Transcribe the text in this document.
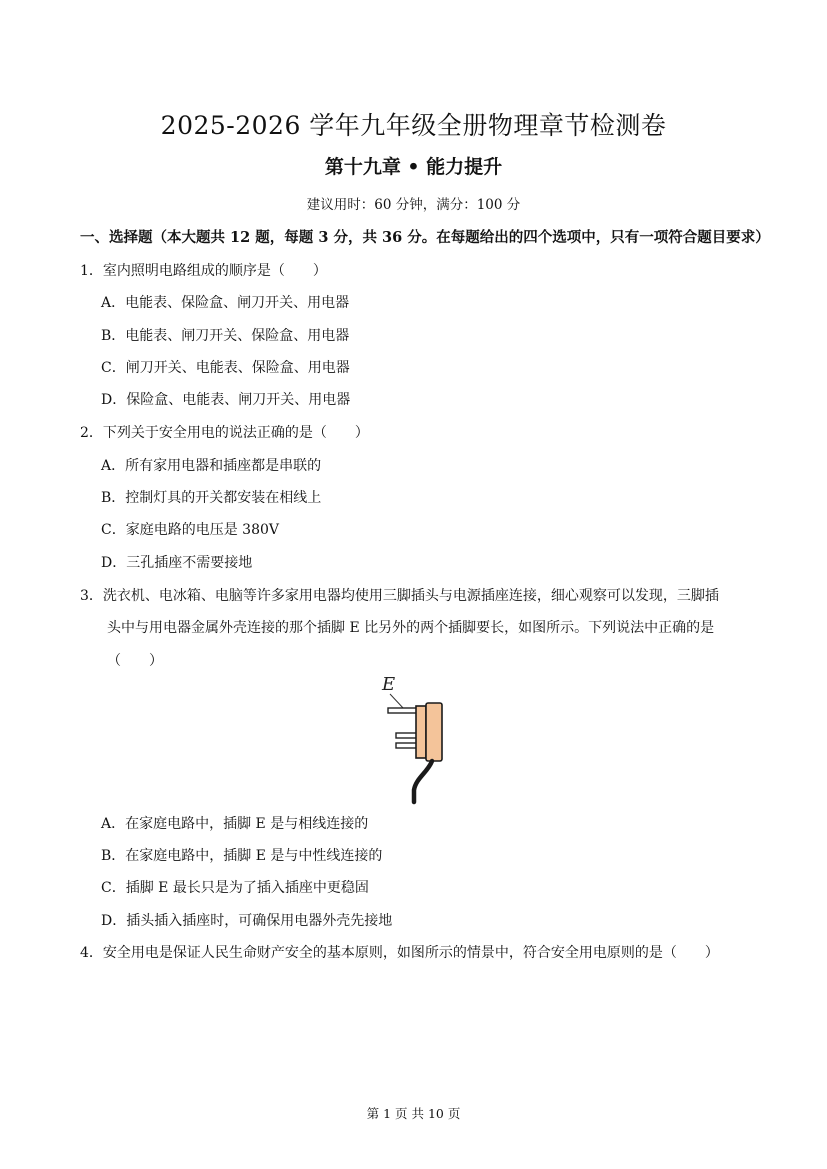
2025-2026 学年九年级全册物理章节检测卷
第十九章 • 能力提升
建议用时：60 分钟，满分：100 分
一、选择题（本大题共 12 题，每题 3 分，共 36 分。在每题给出的四个选项中，只有一项符合题目要求）
1．室内照明电路组成的顺序是（　　）
A．电能表、保险盒、闸刀开关、用电器
B．电能表、闸刀开关、保险盒、用电器
C．闸刀开关、电能表、保险盒、用电器
D．保险盒、电能表、闸刀开关、用电器
2．下列关于安全用电的说法正确的是（　　）
A．所有家用电器和插座都是串联的
B．控制灯具的开关都安装在相线上
C．家庭电路的电压是 380V
D．三孔插座不需要接地
3．洗衣机、电冰箱、电脑等许多家用电器均使用三脚插头与电源插座连接，细心观察可以发现，三脚插
头中与用电器金属外壳连接的那个插脚 E 比另外的两个插脚要长，如图所示。下列说法中正确的是
（　　）
E
A．在家庭电路中，插脚 E 是与相线连接的
B．在家庭电路中，插脚 E 是与中性线连接的
C．插脚 E 最长只是为了插入插座中更稳固
D．插头插入插座时，可确保用电器外壳先接地
4．安全用电是保证人民生命财产安全的基本原则，如图所示的情景中，符合安全用电原则的是（　　）
第 1 页 共 10 页
